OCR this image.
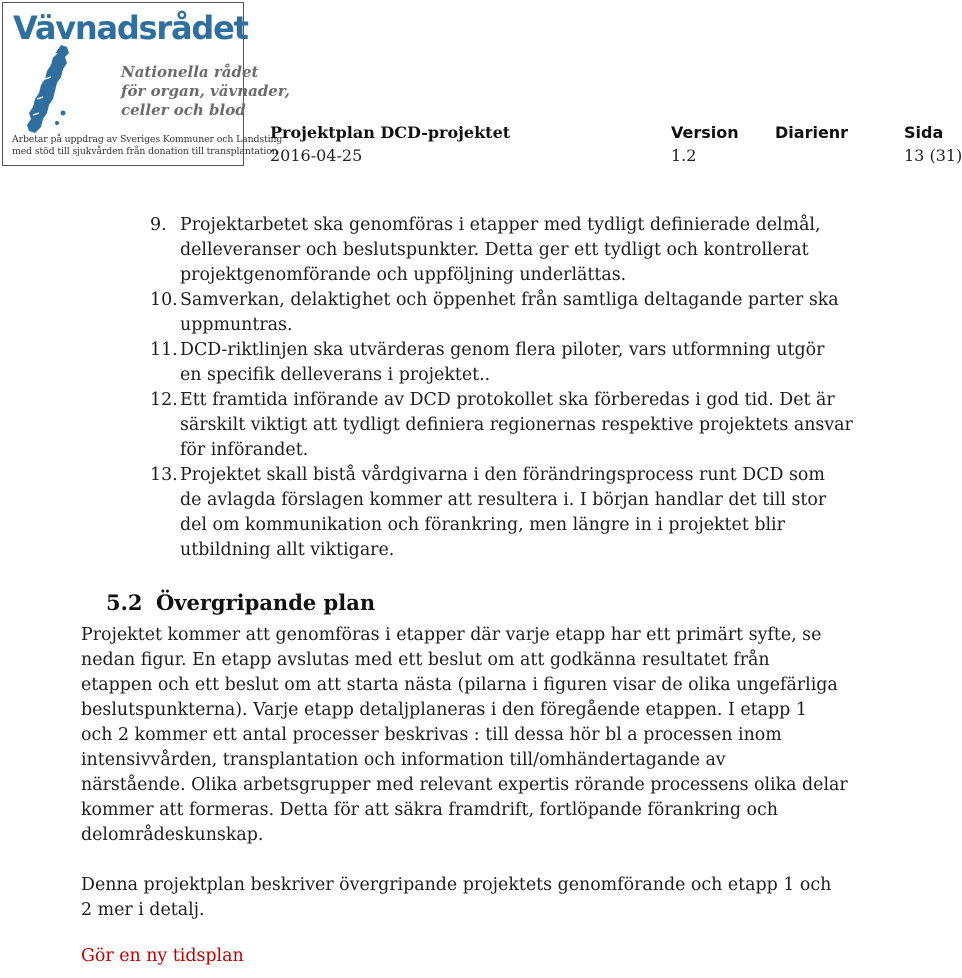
Vävnadsrådet
Nationella rådet
för organ, vävnader,
celler och blod
Arbetar på uppdrag av Sveriges Kommuner och Landsting
med stöd till sjukvården från donation till transplantation
Projektplan DCD-projektet
2016-04-25
Version
1.2
Diarienr	Sida
13 (31)
9. Projektarbetet ska genomföras i etapper med tydligt definierade delmål,
delleveranser och beslutspunkter. Detta ger ett tydligt och kontrollerat
projektgenomförande och uppföljning underlättas.
10. Samverkan, delaktighet och öppenhet från samtliga deltagande parter ska
uppmuntras.
11. DCD-riktlinjen ska utvärderas genom flera piloter, vars utformning utgör
en specifik delleverans i projektet..
12. Ett framtida införande av DCD protokollet ska förberedas i god tid. Det är
särskilt viktigt att tydligt definiera regionernas respektive projektets ansvar
för införandet.
13. Projektet skall bistå vårdgivarna i den förändringsprocess runt DCD som
de avlagda förslagen kommer att resultera i. I början handlar det till stor
del om kommunikation och förankring, men längre in i projektet blir
utbildning allt viktigare.
5.2 Övergripande plan
Projektet kommer att genomföras i etapper där varje etapp har ett primärt syfte, se
nedan figur. En etapp avslutas med ett beslut om att godkänna resultatet från
etappen och ett beslut om att starta nästa (pilarna i figuren visar de olika ungefärliga
beslutspunkterna). Varje etapp detaljplaneras i den föregående etappen. I etapp 1
och 2 kommer ett antal processer beskrivas : till dessa hör bl a processen inom
intensivvården, transplantation och information till/omhändertagande av
närstående. Olika arbetsgrupper med relevant expertis rörande processens olika delar
kommer att formeras. Detta för att säkra framdrift, fortlöpande förankring och
delområdeskunskap.
Denna projektplan beskriver övergripande projektets genomförande och etapp 1 och
2 mer i detalj.
Gör en ny tidsplan
